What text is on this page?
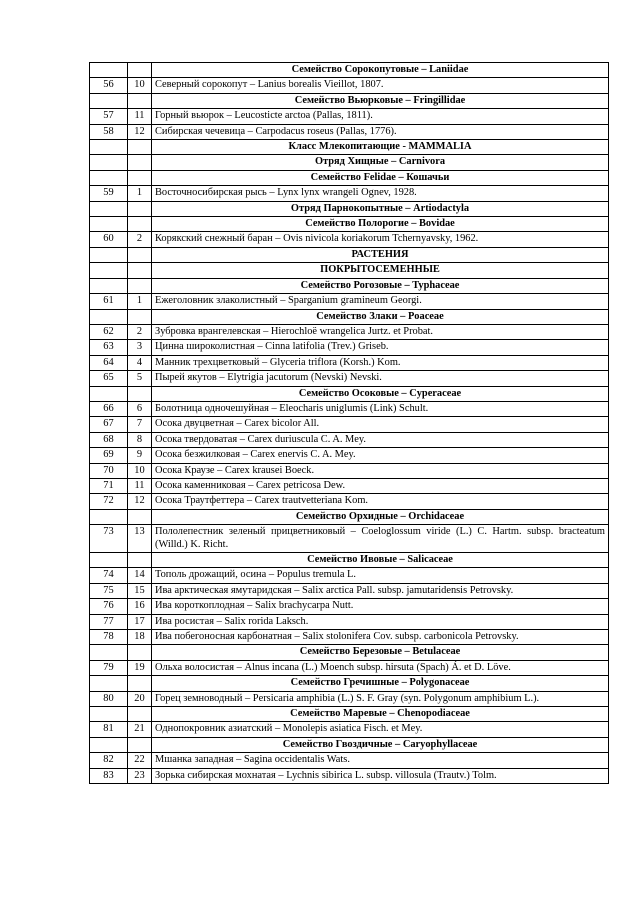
		Семейство Сорокопутовые – Laniidae
56	10	Северный сорокопут – Lanius borealis Vieillot, 1807.
		Семейство Вьюрковые – Fringillidae
57	11	Горный вьюрок – Leucosticte arctoa (Pallas, 1811).
58	12	Сибирская чечевица – Carpodacus roseus (Pallas, 1776).
		Класс Млекопитающие - MAMMALIA
		Отряд Хищные – Carnivora
		Семейство Felidae – Кошачьи
59	1	Восточносибирская рысь – Lynx lynx wrangeli Ognev, 1928.
		Отряд Парнокопытные – Artiodactyla
		Семейство Полорогие – Bovidae
60	2	Корякский снежный баран – Ovis nivicola koriakorum Tchernyavsky, 1962.
		РАСТЕНИЯ
		ПОКРЫТОСЕМЕННЫЕ
		Семейство Рогозовые – Typhaceae
61	1	Ежеголовник злаколистный – Sparganium gramineum Georgi.
		Семейство Злаки – Poaceae
62	2	Зубровка врангелевская – Hierochloë wrangelica Jurtz. et Probat.
63	3	Цинна широколистная – Cinna latifolia (Trev.) Griseb.
64	4	Манник трехцветковый – Glyceria triflora (Korsh.) Kom.
65	5	Пырей якутов – Elytrigia jacutorum (Nevski) Nevski.
		Семейство Осоковые – Cyperaceae
66	6	Болотница одночешуйная – Eleocharis uniglumis (Link) Schult.
67	7	Осока двуцветная – Carex bicolor All.
68	8	Осока твердоватая – Carex duriuscula C. A. Mey.
69	9	Осока безжилковая – Carex enervis C. A. Mey.
70	10	Осока Краузе – Carex krausei Boeck.
71	11	Осока каменниковая – Carex petricosa Dew.
72	12	Осока Траутфеттера – Carex trautvetteriana Kom.
		Семейство Орхидные – Orchidaceae
73	13	Пололепестник зеленый прицветниковый – Coeloglossum viride (L.) C. Hartm. subsp. bracteatum (Willd.) K. Richt.
		Семейство Ивовые – Salicaceae
74	14	Тополь дрожащий, осина – Populus tremula L.
75	15	Ива арктическая ямутаридская – Salix arctica Pall. subsp. jamutaridensis Petrovsky.
76	16	Ива короткоплодная – Salix brachycarpa Nutt.
77	17	Ива росистая – Salix rorida Laksch.
78	18	Ива побегоносная карбонатная – Salix stolonifera Cov. subsp. carbonicola Petrovsky.
		Семейство Березовые – Betulaceae
79	19	Ольха волосистая – Alnus incana (L.) Moench subsp. hirsuta (Spach) Á. et D. Löve.
		Семейство Гречишные – Polygonaceae
80	20	Горец земноводный – Persicaria amphibia (L.) S. F. Gray (syn. Polygonum amphibium L.).
		Семейство Маревые – Chenopodiaceae
81	21	Однопокровник азиатский – Monolepis asiatica Fisch. et Mey.
		Семейство Гвоздичные – Caryophyllaceae
82	22	Мшанка западная – Sagina occidentalis Wats.
83	23	Зорька сибирская мохнатая – Lychnis sibirica L. subsp. villosula (Trautv.) Tolm.
